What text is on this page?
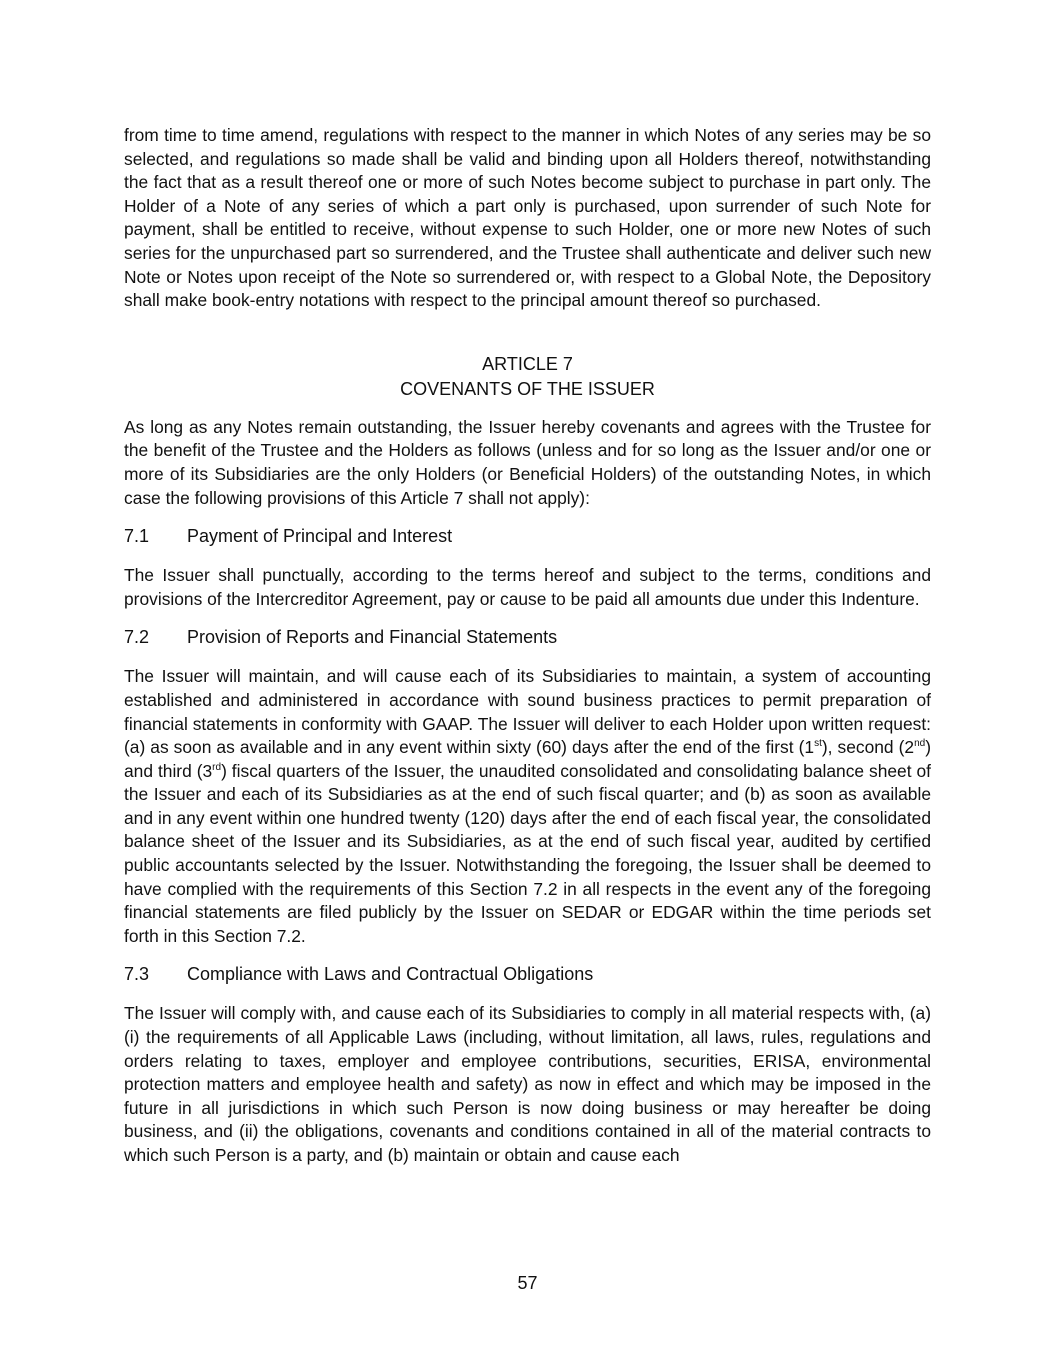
from time to time amend, regulations with respect to the manner in which Notes of any series may be so selected, and regulations so made shall be valid and binding upon all Holders thereof, notwithstanding the fact that as a result thereof one or more of such Notes become subject to purchase in part only. The Holder of a Note of any series of which a part only is purchased, upon surrender of such Note for payment, shall be entitled to receive, without expense to such Holder, one or more new Notes of such series for the unpurchased part so surrendered, and the Trustee shall authenticate and deliver such new Note or Notes upon receipt of the Note so surrendered or, with respect to a Global Note, the Depository shall make book-entry notations with respect to the principal amount thereof so purchased.

ARTICLE 7
COVENANTS OF THE ISSUER

As long as any Notes remain outstanding, the Issuer hereby covenants and agrees with the Trustee for the benefit of the Trustee and the Holders as follows (unless and for so long as the Issuer and/or one or more of its Subsidiaries are the only Holders (or Beneficial Holders) of the outstanding Notes, in which case the following provisions of this Article 7 shall not apply):

7.1	Payment of Principal and Interest

The Issuer shall punctually, according to the terms hereof and subject to the terms, conditions and provisions of the Intercreditor Agreement, pay or cause to be paid all amounts due under this Indenture.

7.2	Provision of Reports and Financial Statements

The Issuer will maintain, and will cause each of its Subsidiaries to maintain, a system of accounting established and administered in accordance with sound business practices to permit preparation of financial statements in conformity with GAAP. The Issuer will deliver to each Holder upon written request: (a) as soon as available and in any event within sixty (60) days after the end of the first (1st), second (2nd) and third (3rd) fiscal quarters of the Issuer, the unaudited consolidated and consolidating balance sheet of the Issuer and each of its Subsidiaries as at the end of such fiscal quarter; and (b) as soon as available and in any event within one hundred twenty (120) days after the end of each fiscal year, the consolidated balance sheet of the Issuer and its Subsidiaries, as at the end of such fiscal year, audited by certified public accountants selected by the Issuer. Notwithstanding the foregoing, the Issuer shall be deemed to have complied with the requirements of this Section 7.2 in all respects in the event any of the foregoing financial statements are filed publicly by the Issuer on SEDAR or EDGAR within the time periods set forth in this Section 7.2.

7.3	Compliance with Laws and Contractual Obligations

The Issuer will comply with, and cause each of its Subsidiaries to comply in all material respects with, (a)(i) the requirements of all Applicable Laws (including, without limitation, all laws, rules, regulations and orders relating to taxes, employer and employee contributions, securities, ERISA, environmental protection matters and employee health and safety) as now in effect and which may be imposed in the future in all jurisdictions in which such Person is now doing business or may hereafter be doing business, and (ii) the obligations, covenants and conditions contained in all of the material contracts to which such Person is a party, and (b) maintain or obtain and cause each

57
